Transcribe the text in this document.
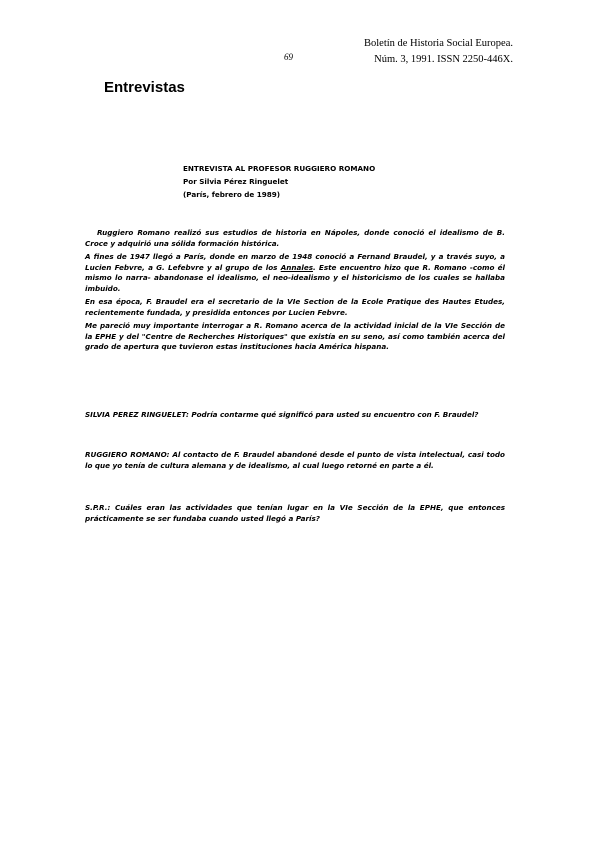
Boletín de Historia Social Europea.
Núm. 3, 1991. ISSN 2250-446X.
69
Entrevistas
ENTREVISTA AL PROFESOR RUGGIERO ROMANO
Por Silvia Pérez Ringuelet
(París, febrero de 1989)

Ruggiero Romano realizó sus estudios de historia en Nápoles, donde conoció el idealismo de B. Croce y adquirió una sólida formación histórica.

A fines de 1947 llegó a París, donde en marzo de 1948 conoció a Fernand Braudel, y a través suyo, a Lucien Febvre, a G. Lefebvre y al grupo de los Annales. Este encuentro hizo que R. Romano -como él mismo lo narra- abandonase el idealismo, el neo-idealismo y el historicismo de los cuales se hallaba imbuido.

En esa época, F. Braudel era el secretario de la VIe Section de la Ecole Pratique des Hautes Etudes, recientemente fundada, y presidida entonces por Lucien Febvre.

Me pareció muy importante interrogar a R. Romano acerca de la actividad inicial de la VIe Sección de la EPHE y del "Centre de Recherches Historiques" que existía en su seno, así como también acerca del grado de apertura que tuvieron estas instituciones hacia América hispana.

SILVIA PEREZ RINGUELET: Podría contarme qué significó para usted su encuentro con F. Braudel?

RUGGIERO ROMANO: Al contacto de F. Braudel abandoné desde el punto de vista intelectual, casi todo lo que yo tenía de cultura alemana y de idealismo, al cual luego retorné en parte a él.

S.P.R.: Cuáles eran las actividades que tenían lugar en la VIe Sección de la EPHE, que entonces prácticamente se ser fundaba cuando usted llegó a París?
